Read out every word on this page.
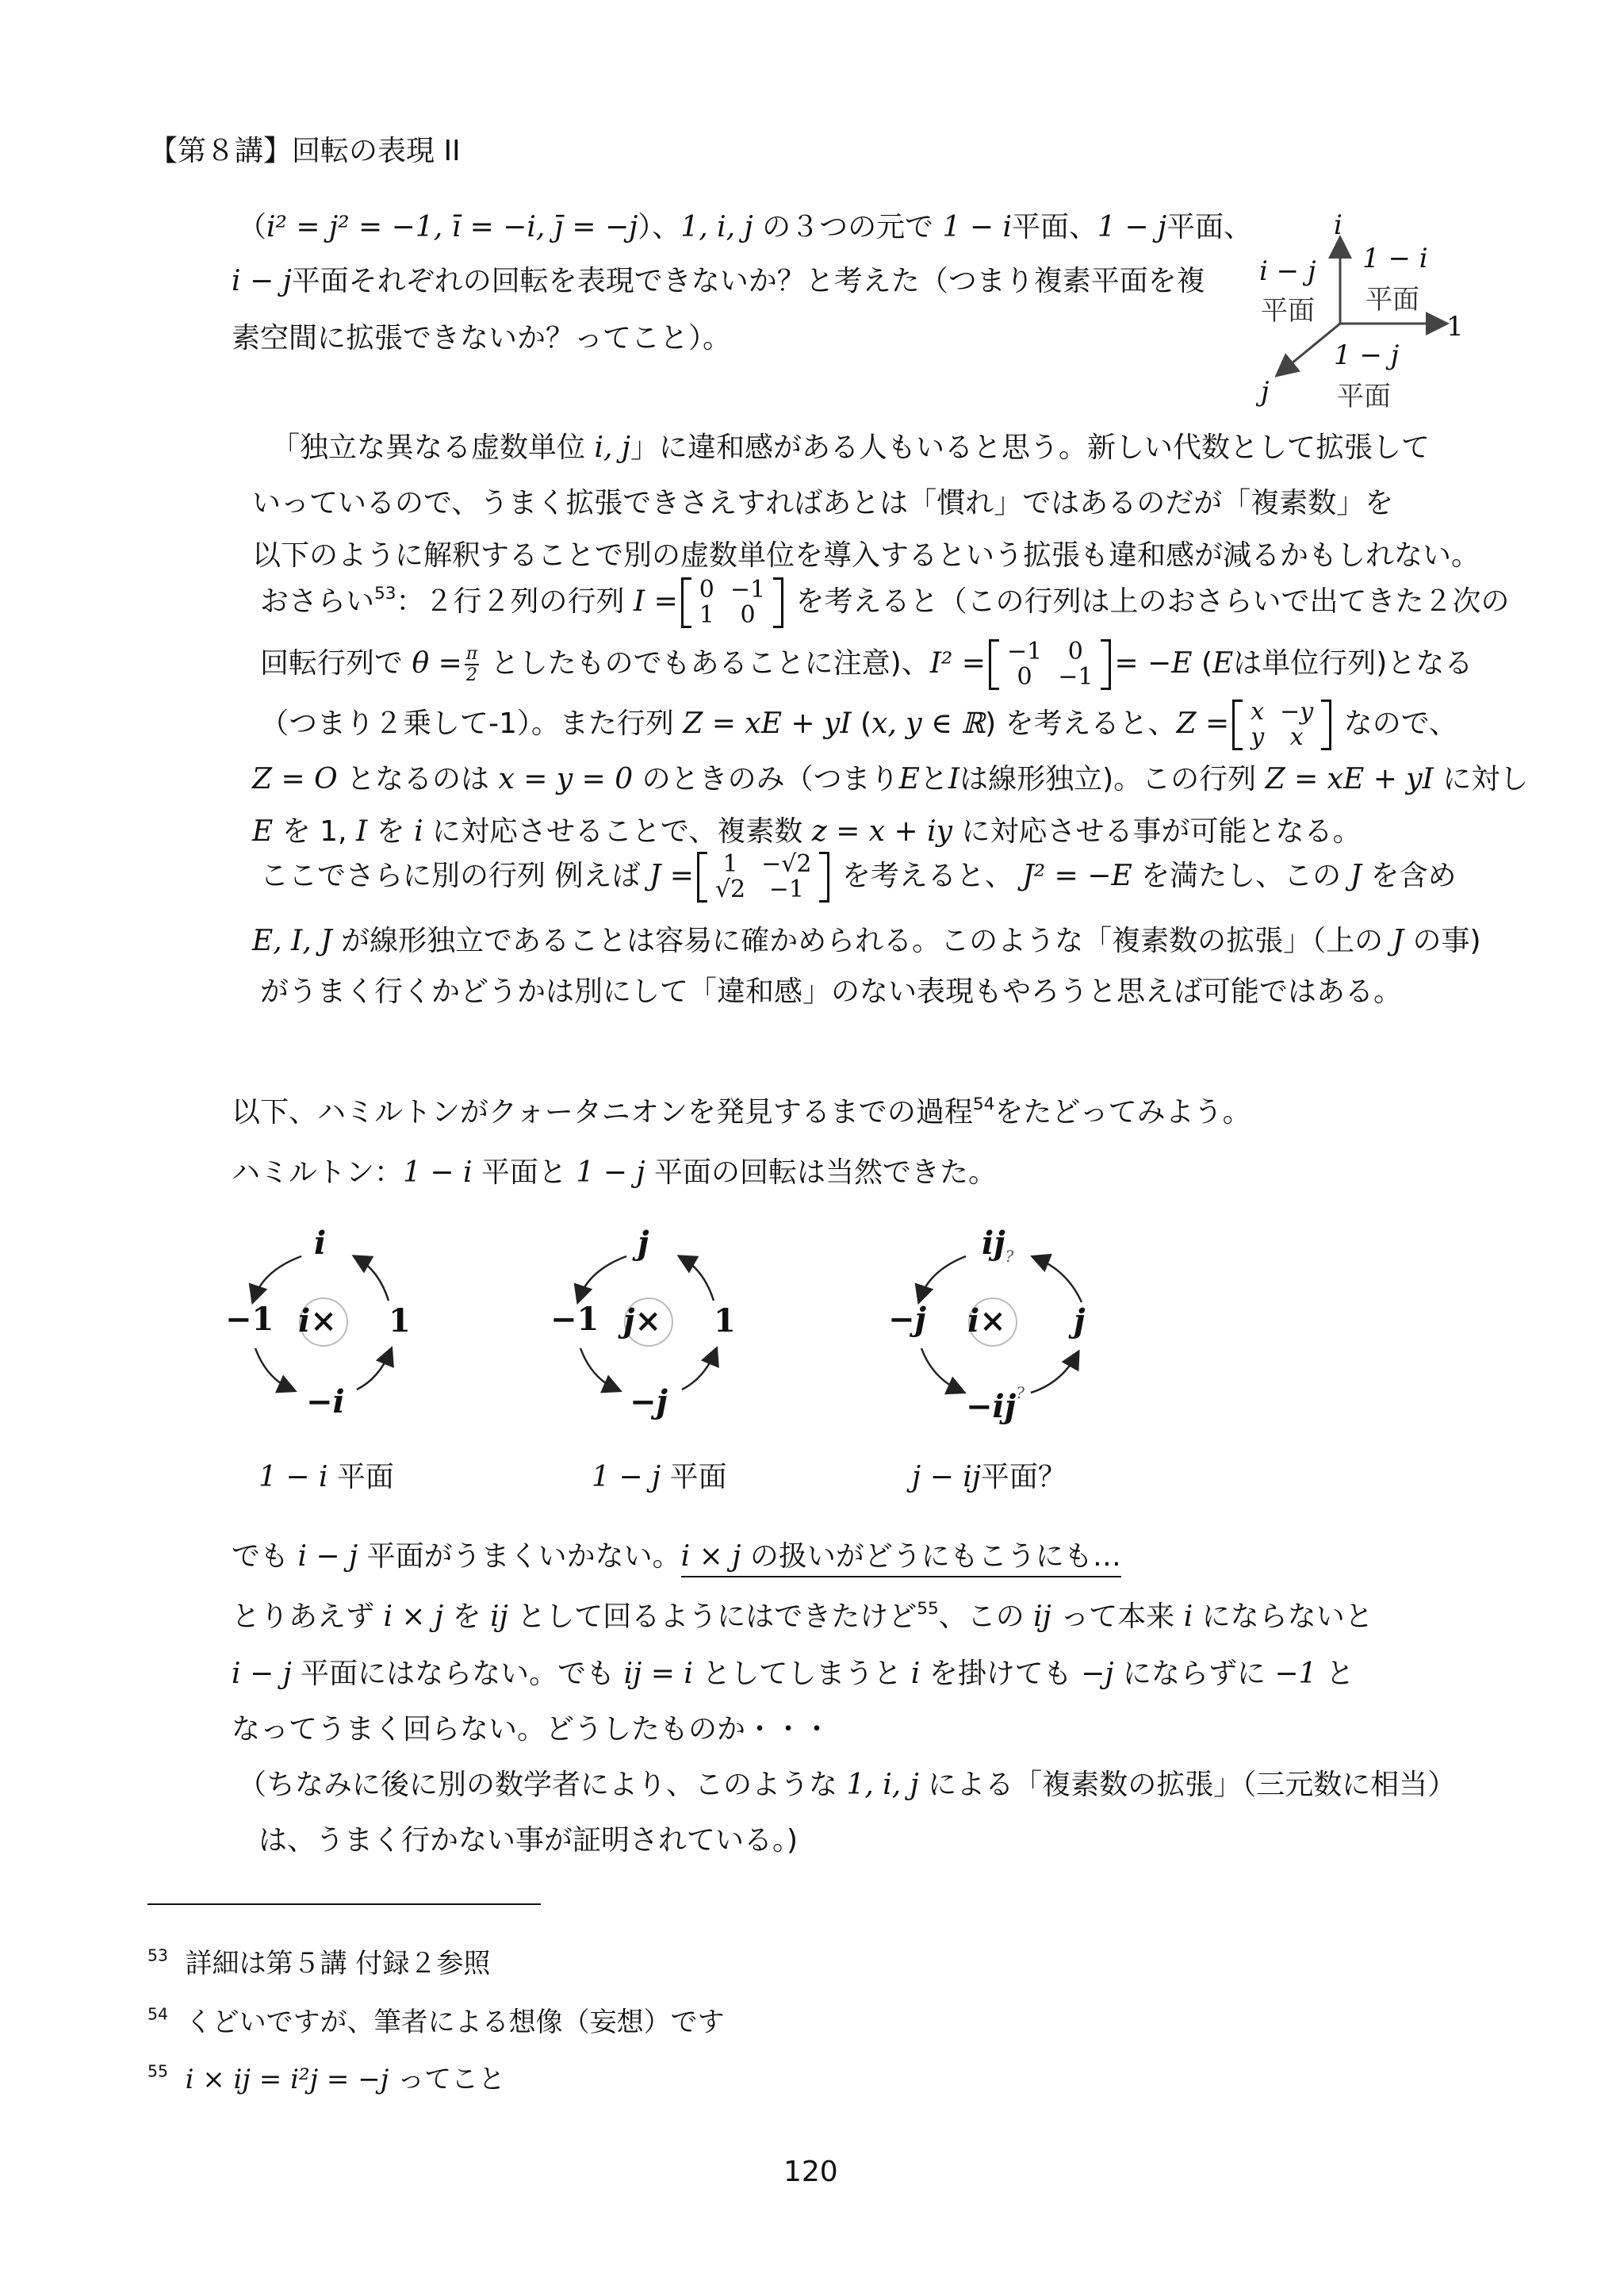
【第８講】回転の表現 II
（i² = j² = −1, ī = −i, j̄ = −j）、1, i, j の３つの元で 1 − i平面、1 − j平面、
i − j平面それぞれの回転を表現できないか？と考えた（つまり複素平面を複
素空間に拡張できないか？ってこと）。
i
1
j
i − j
平面
1 − i
平面
1 − j
平面
「独立な異なる虚数単位 i, j」に違和感がある人もいると思う。新しい代数として拡張して
いっているので、うまく拡張できさえすればあとは「慣れ」ではあるのだが「複素数」を
以下のように解釈することで別の虚数単位を導入するという拡張も違和感が減るかもしれない。
おさらい$^{53}$：２行２列の行列 I = 0	−1
1	0 を考えると（この行列は上のおさらいで出てきた２次の
回転行列で $\theta = \frac{\pi}{2}$ としたものでもあることに注意)、I² = −1	0
0	−1 = −E (Eは単位行列)となる
（つまり２乗して-1）。また行列 Z = xE + yI (x, y ∈ ℝ) を考えると、Z = x	−y
y	x なので、
Z = O となるのは x = y = 0 のときのみ（つまりEとIは線形独立)。この行列 Z = xE + yI に対し
E を 1, I を i に対応させることで、複素数 z = x + iy に対応させる事が可能となる。
ここでさらに別の行列 例えば J = 1	−√2
√2	−1 を考えると、 J² = −E を満たし、この J を含め
E, I, J が線形独立であることは容易に確かめられる。このような「複素数の拡張」（上の J の事)
がうまく行くかどうかは別にして「違和感」のない表現もやろうと思えば可能ではある。
以下、ハミルトンがクォータニオンを発見するまでの過程$^{54}$をたどってみよう。
ハミルトン：1 − i 平面と 1 − j 平面の回転は当然できた。
i
−1	1
−i
i×
1 − i 平面
j
−1	1
−j
j×
1 − j 平面
$ij_?$
−j	j
−ij?
i×
j − ij平面？
でも i − j 平面がうまくいかない。i × j の扱いがどうにもこうにも…
とりあえず i × j を ij として回るようにはできたけど$^{55}$、この ij って本来 i にならないと
i − j 平面にはならない。でも ij = i としてしまうと i を掛けても −j にならずに −1 と
なってうまく回らない。どうしたものか・・・
（ちなみに後に別の数学者により、このような 1, i, j による「複素数の拡張」（三元数に相当）
は、うまく行かない事が証明されている。)
$^{53}$ 詳細は第５講 付録２参照
$^{54}$ くどいですが、筆者による想像（妄想）です
$^{55}$ i × ij = i²j = −j ってこと
120
